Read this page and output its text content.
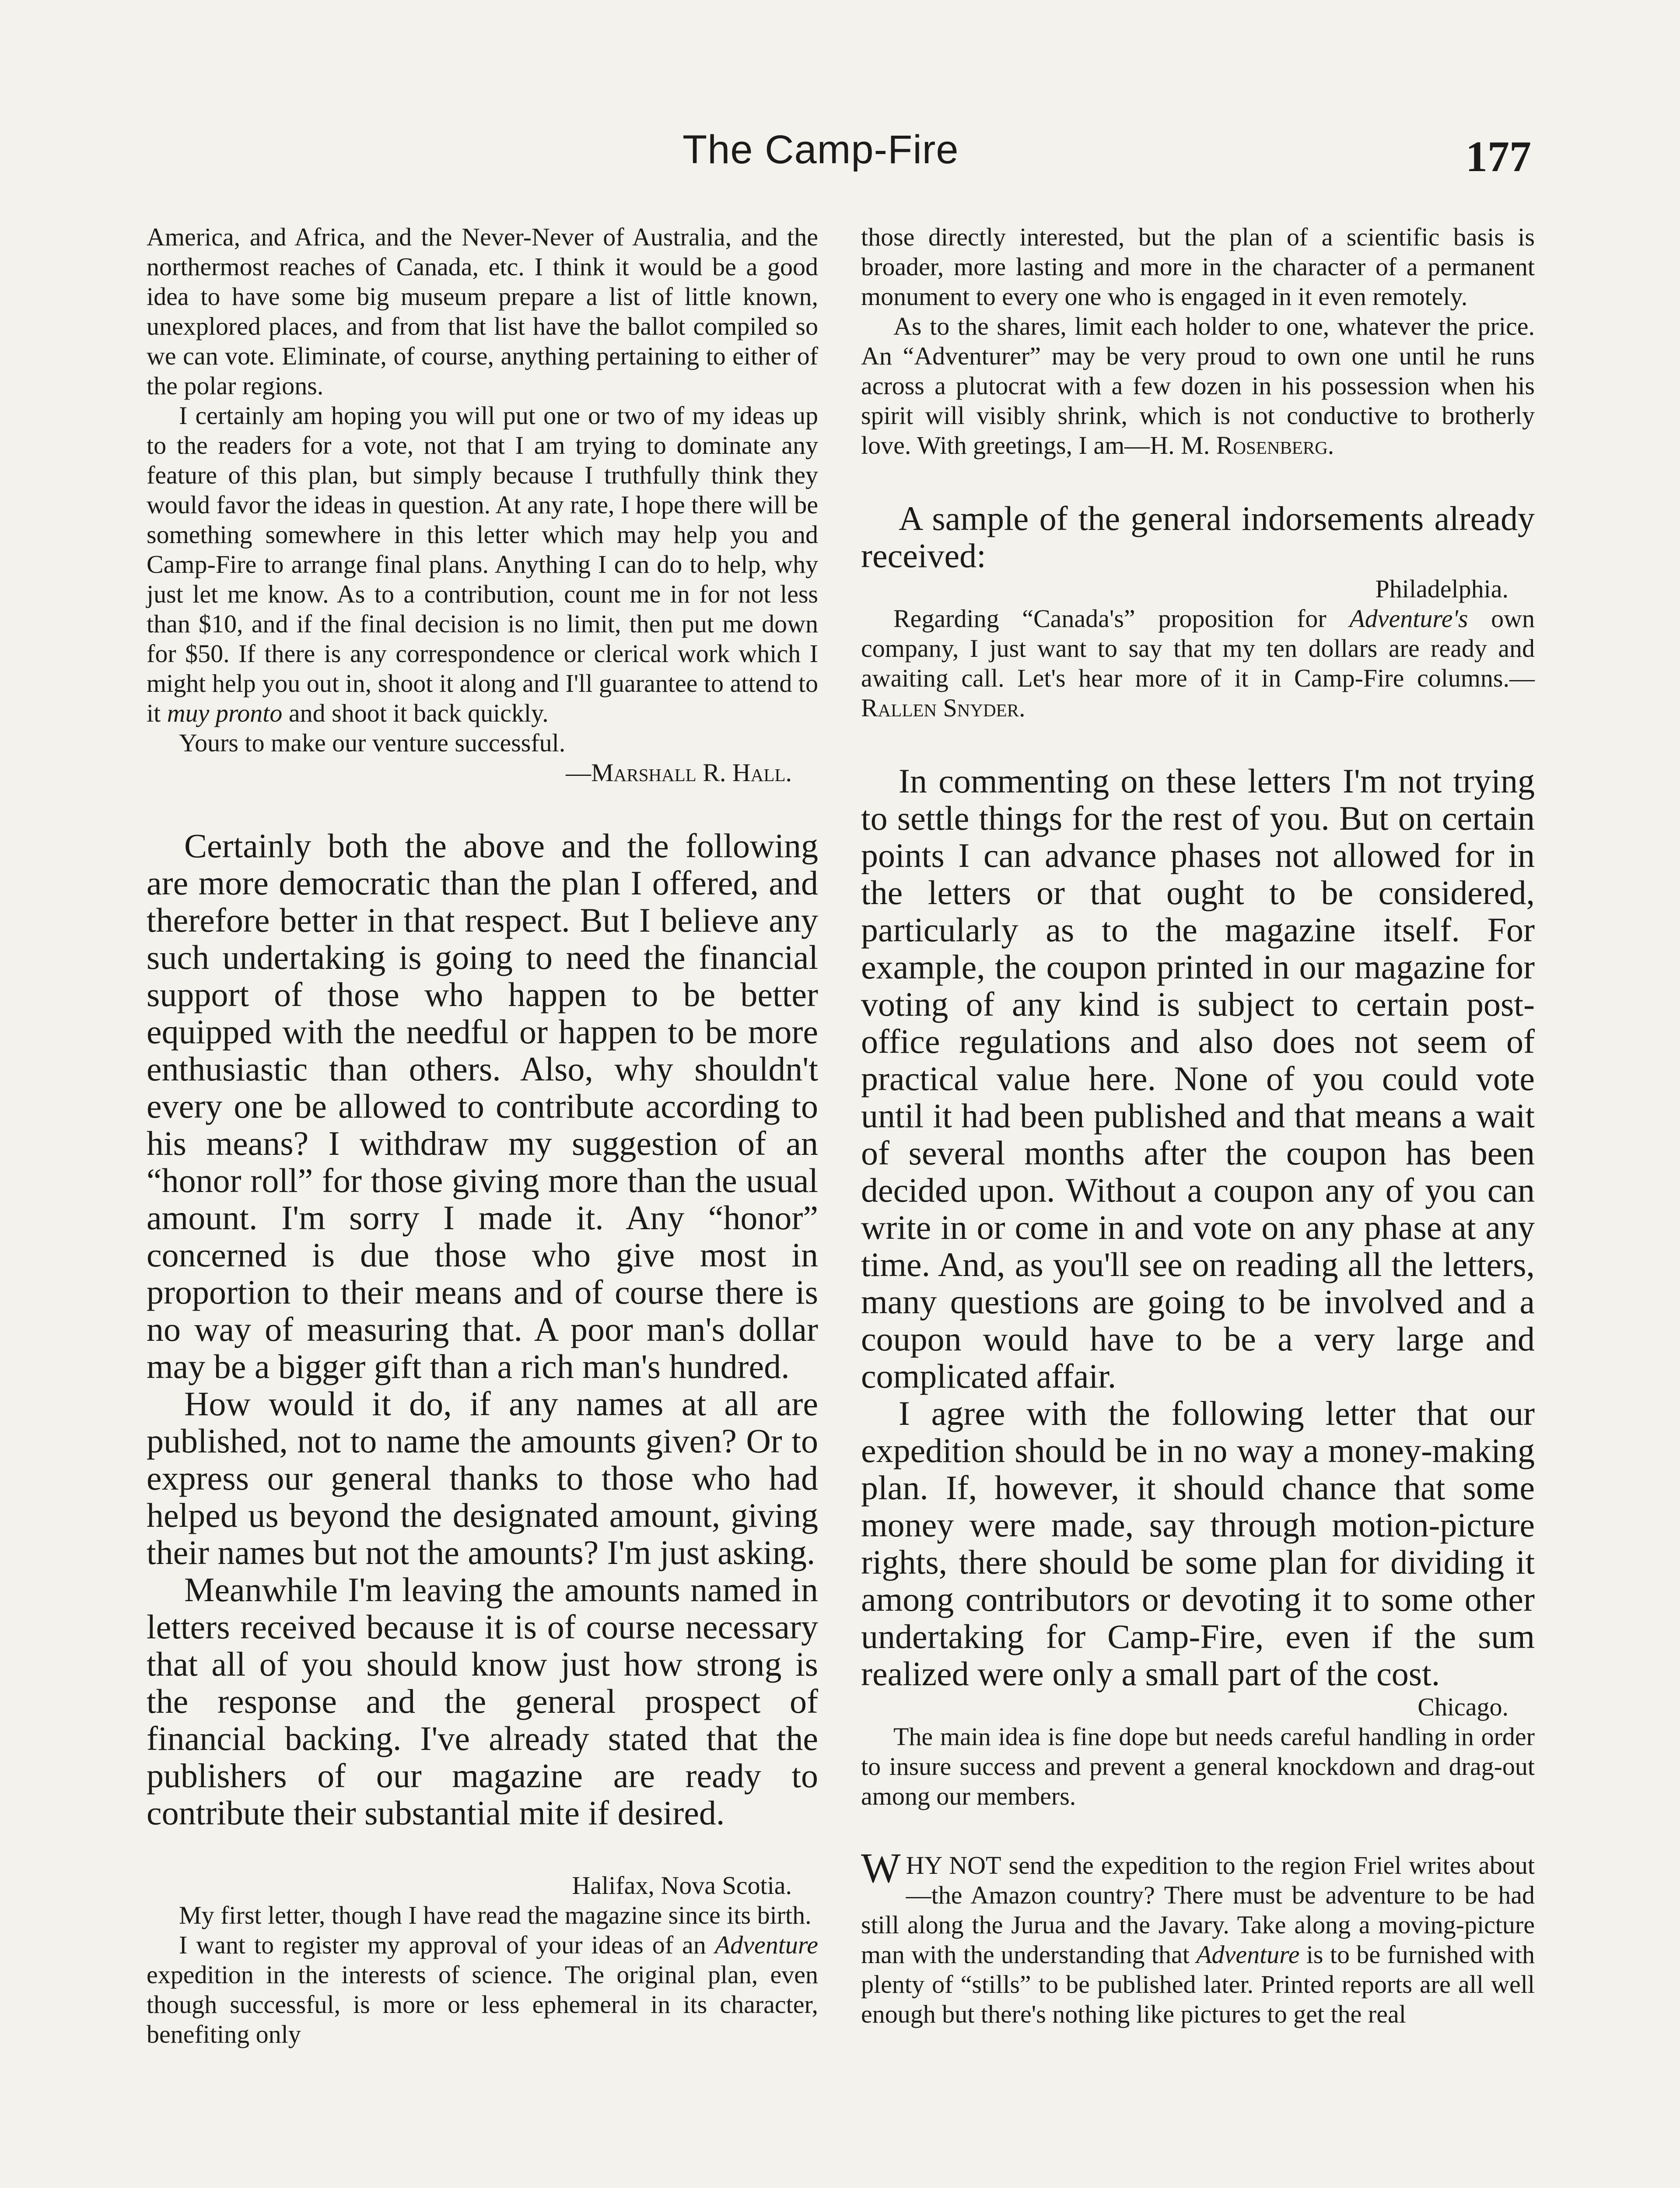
The Camp-Fire	177

America, and Africa, and the Never-Never of Australia, and the northermost reaches of Canada, etc. I think it would be a good idea to have some big museum prepare a list of little known, unexplored places, and from that list have the ballot compiled so we can vote. Eliminate, of course, anything pertaining to either of the polar regions.

I certainly am hoping you will put one or two of my ideas up to the readers for a vote, not that I am trying to dominate any feature of this plan, but simply because I truthfully think they would favor the ideas in question. At any rate, I hope there will be something somewhere in this letter which may help you and Camp-Fire to arrange final plans. Anything I can do to help, why just let me know. As to a contribution, count me in for not less than $10, and if the final decision is no limit, then put me down for $50. If there is any correspondence or clerical work which I might help you out in, shoot it along and I'll guarantee to attend to it muy pronto and shoot it back quickly.

Yours to make our venture successful.

—Marshall R. Hall.

Certainly both the above and the following are more democratic than the plan I offered, and therefore better in that respect. But I believe any such undertaking is going to need the financial support of those who happen to be better equipped with the needful or happen to be more enthusiastic than others. Also, why shouldn't every one be allowed to contribute according to his means? I withdraw my suggestion of an “honor roll” for those giving more than the usual amount. I'm sorry I made it. Any “honor” concerned is due those who give most in proportion to their means and of course there is no way of measuring that. A poor man's dollar may be a bigger gift than a rich man's hundred.

How would it do, if any names at all are published, not to name the amounts given? Or to express our general thanks to those who had helped us beyond the designated amount, giving their names but not the amounts? I'm just asking.

Meanwhile I'm leaving the amounts named in letters received because it is of course necessary that all of you should know just how strong is the response and the general prospect of financial backing. I've already stated that the publishers of our magazine are ready to contribute their substantial mite if desired.

Halifax, Nova Scotia.

My first letter, though I have read the magazine since its birth.

I want to register my approval of your ideas of an Adventure expedition in the interests of science. The original plan, even though successful, is more or less ephemeral in its character, benefiting only

those directly interested, but the plan of a scientific basis is broader, more lasting and more in the character of a permanent monument to every one who is engaged in it even remotely.

As to the shares, limit each holder to one, whatever the price. An “Adventurer” may be very proud to own one until he runs across a plutocrat with a few dozen in his possession when his spirit will visibly shrink, which is not conductive to brotherly love. With greetings, I am—H. M. Rosenberg.

A sample of the general indorsements already received:

Philadelphia.

Regarding “Canada's” proposition for Adventure's own company, I just want to say that my ten dollars are ready and awaiting call. Let's hear more of it in Camp-Fire columns.—Rallen Snyder.

In commenting on these letters I'm not trying to settle things for the rest of you. But on certain points I can advance phases not allowed for in the letters or that ought to be considered, particularly as to the magazine itself. For example, the coupon printed in our magazine for voting of any kind is subject to certain post-office regulations and also does not seem of practical value here. None of you could vote until it had been published and that means a wait of several months after the coupon has been decided upon. Without a coupon any of you can write in or come in and vote on any phase at any time. And, as you'll see on reading all the letters, many questions are going to be involved and a coupon would have to be a very large and complicated affair.

I agree with the following letter that our expedition should be in no way a money-making plan. If, however, it should chance that some money were made, say through motion-picture rights, there should be some plan for dividing it among contributors or devoting it to some other undertaking for Camp-Fire, even if the sum realized were only a small part of the cost.

Chicago.

The main idea is fine dope but needs careful handling in order to insure success and prevent a general knockdown and drag-out among our members.

WHY NOT send the expedition to the region Friel writes about—the Amazon country? There must be adventure to be had still along the Jurua and the Javary. Take along a moving-picture man with the understanding that Adventure is to be furnished with plenty of “stills” to be published later. Printed reports are all well enough but there's nothing like pictures to get the real
